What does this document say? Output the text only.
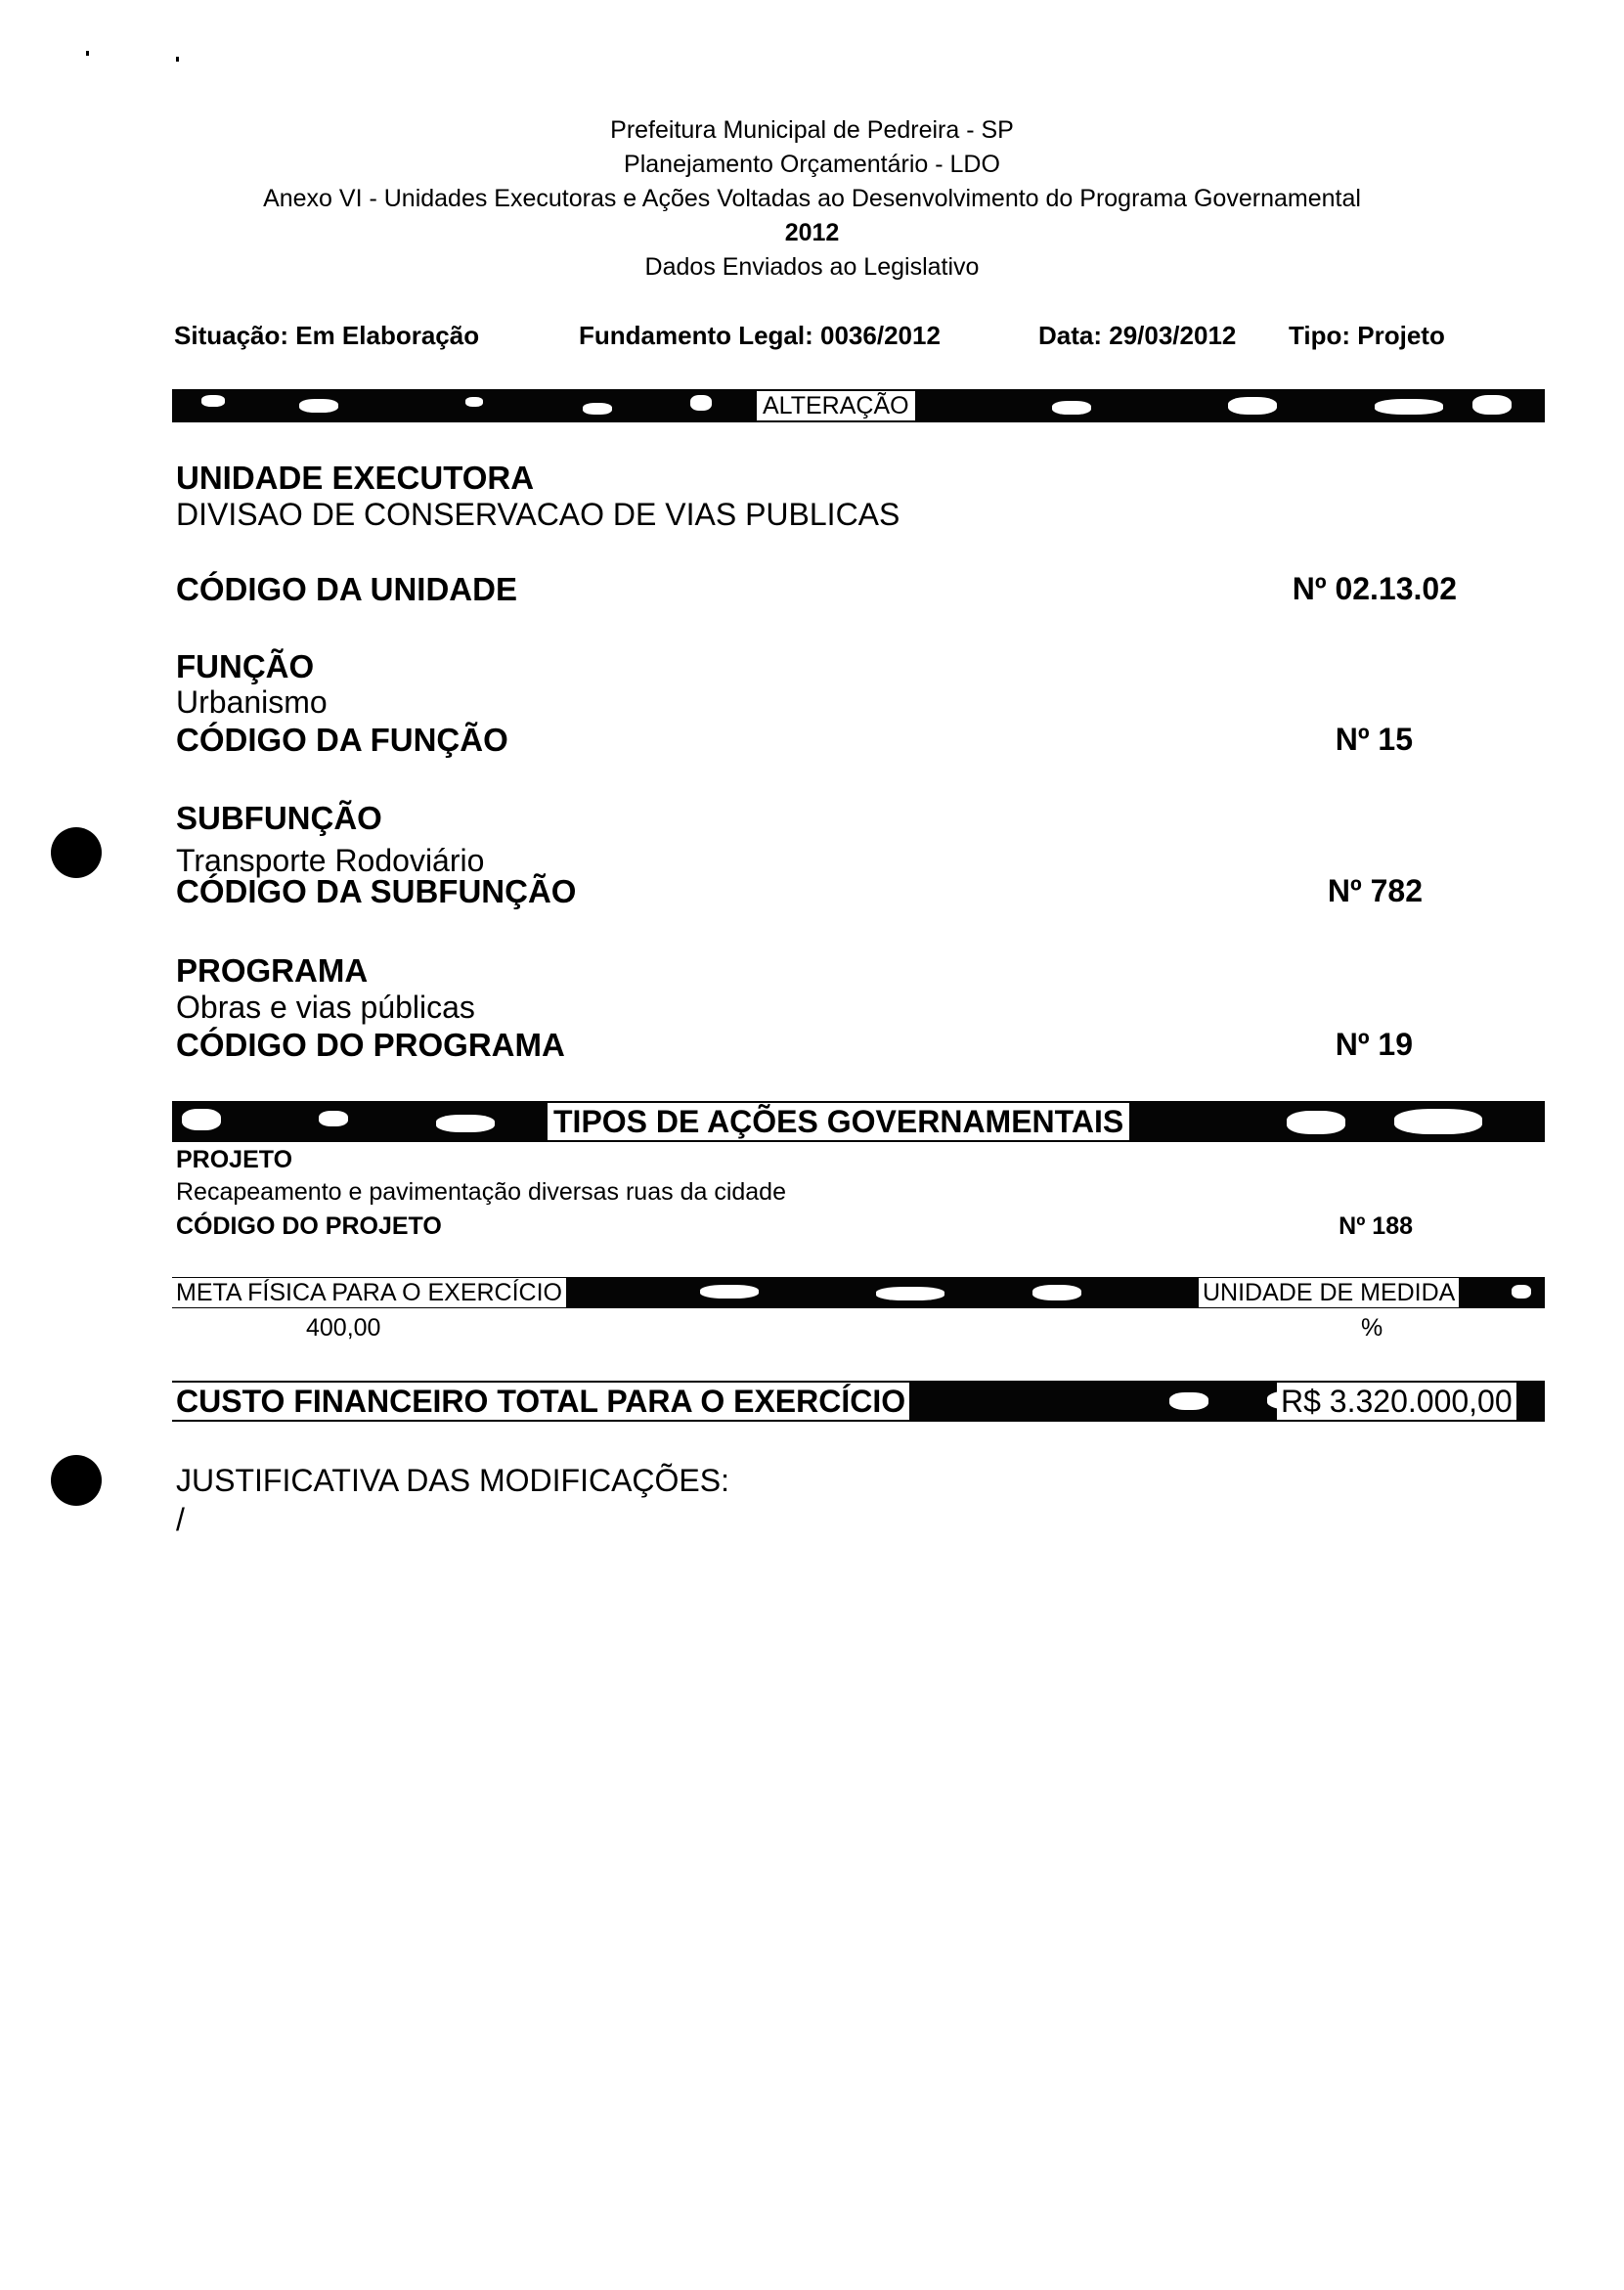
Prefeitura Municipal de Pedreira - SP
Planejamento Orçamentário - LDO
Anexo VI - Unidades Executoras e Ações Voltadas ao Desenvolvimento do Programa Governamental
2012
Dados Enviados ao Legislativo
Situação: Em Elaboração	Fundamento Legal: 0036/2012	Data: 29/03/2012 Tipo: Projeto
ALTERAÇÃO
UNIDADE EXECUTORA
DIVISAO DE CONSERVACAO DE VIAS PUBLICAS
CÓDIGO DA UNIDADE	Nº 02.13.02
FUNÇÃO
Urbanismo
CÓDIGO DA FUNÇÃO	Nº 15
SUBFUNÇÃO
Transporte Rodoviário
CÓDIGO DA SUBFUNÇÃO	Nº 782
PROGRAMA
Obras e vias públicas
CÓDIGO DO PROGRAMA	Nº 19
TIPOS DE AÇÕES GOVERNAMENTAIS
PROJETO
Recapeamento e pavimentação diversas ruas da cidade
CÓDIGO DO PROJETO	Nº 188
META FÍSICA PARA O EXERCÍCIO	UNIDADE DE MEDIDA
400,00	%
CUSTO FINANCEIRO TOTAL PARA O EXERCÍCIO	R$ 3.320.000,00
JUSTIFICATIVA DAS MODIFICAÇÕES:
/
